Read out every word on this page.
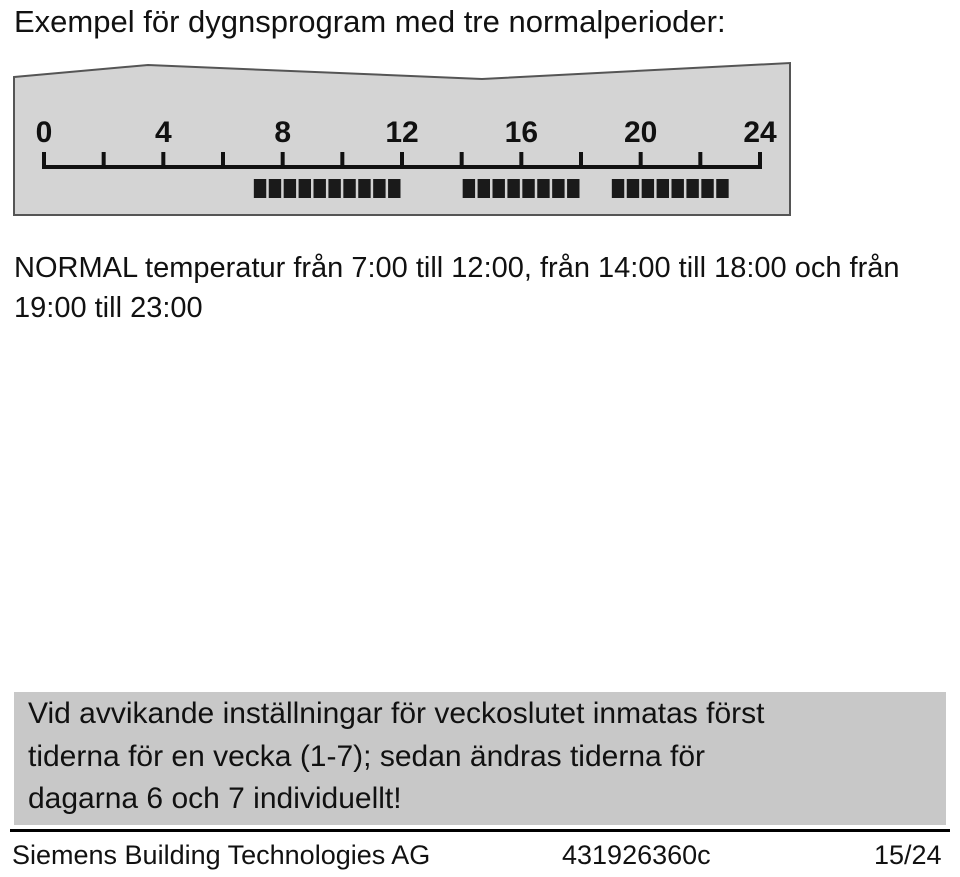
Exempel för dygnsprogram med tre normalperioder:
0	4	8	12	16	20	24
NORMAL temperatur från 7:00 till 12:00, från 14:00 till 18:00 och från 19:00 till 23:00
Vid avvikande inställningar för veckoslutet inmatas först
tiderna för en vecka (1-7); sedan ändras tiderna för
dagarna 6 och 7 individuellt!
Siemens Building Technologies AG	431926360c	15/24
